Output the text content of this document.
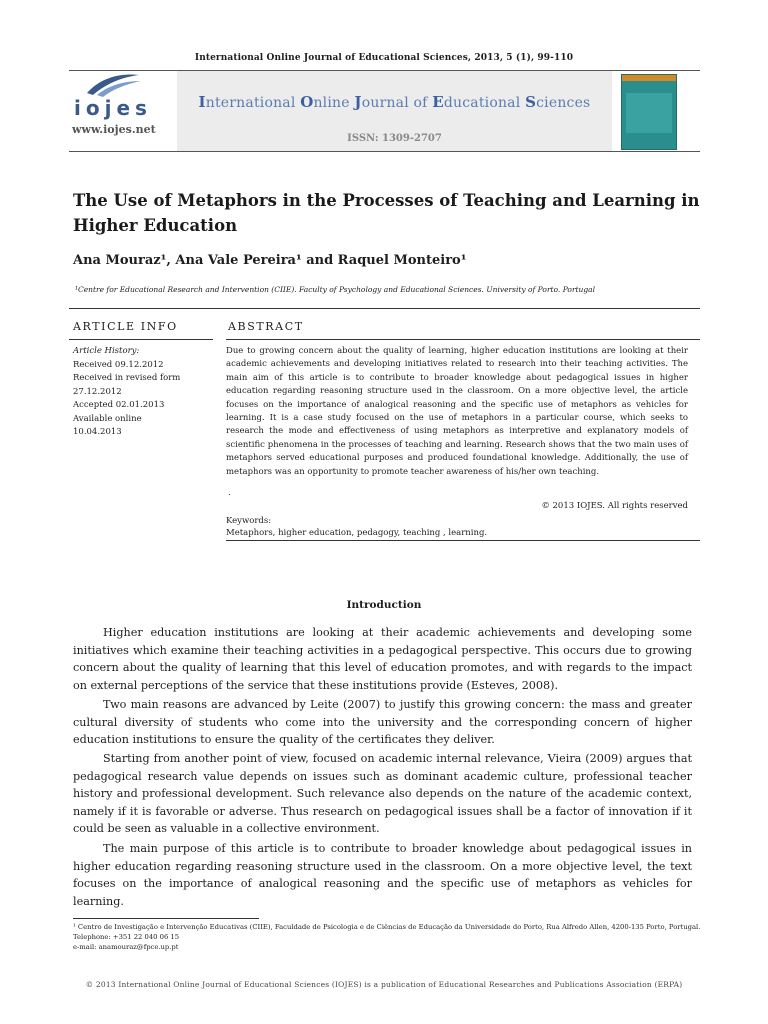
International Online Journal of Educational Sciences, 2013, 5 (1), 99-110
iojes
www.iojes.net
International Online Journal of Educational Sciences
ISSN: 1309-2707
The Use of Metaphors in the Processes of Teaching and Learning in Higher Education
Ana Mouraz¹, Ana Vale Pereira¹ and Raquel Monteiro¹
¹Centre for Educational Research and Intervention (CIIE). Faculty of Psychology and Educational Sciences. University of Porto. Portugal
ARTICLE INFO	ABSTRACT
Article History:
Received 09.12.2012
Received in revised form
27.12.2012
Accepted 02.01.2013
Available online
10.04.2013
Due to growing concern about the quality of learning, higher education institutions are looking at their academic achievements and developing initiatives related to research into their teaching activities. The main aim of this article is to contribute to broader knowledge about pedagogical issues in higher education regarding reasoning structure used in the classroom. On a more objective level, the article focuses on the importance of analogical reasoning and the specific use of metaphors as vehicles for learning. It is a case study focused on the use of metaphors in a particular course, which seeks to research the mode and effectiveness of using metaphors as interpretive and explanatory models of scientific phenomena in the processes of teaching and learning. Research shows that the two main uses of metaphors served educational purposes and produced foundational knowledge. Additionally, the use of metaphors was an opportunity to promote teacher awareness of his/her own teaching.
.
© 2013 IOJES. All rights reserved
Keywords:
Metaphors, higher education, pedagogy, teaching , learning.
Introduction
Higher education institutions are looking at their academic achievements and developing some initiatives which examine their teaching activities in a pedagogical perspective. This occurs due to growing concern about the quality of learning that this level of education promotes, and with regards to the impact on external perceptions of the service that these institutions provide (Esteves, 2008).
Two main reasons are advanced by Leite (2007) to justify this growing concern: the mass and greater cultural diversity of students who come into the university and the corresponding concern of higher education institutions to ensure the quality of the certificates they deliver.
Starting from another point of view, focused on academic internal relevance, Vieira (2009) argues that pedagogical research value depends on issues such as dominant academic culture, professional teacher history and professional development. Such relevance also depends on the nature of the academic context, namely if it is favorable or adverse. Thus research on pedagogical issues shall be a factor of innovation if it could be seen as valuable in a collective environment.
The main purpose of this article is to contribute to broader knowledge about pedagogical issues in higher education regarding reasoning structure used in the classroom. On a more objective level, the text focuses on the importance of analogical reasoning and the specific use of metaphors as vehicles for learning.
¹ Centro de Investigação e Intervenção Educativas (CIIE), Faculdade de Psicologia e de Ciências de Educação da Universidade do Porto, Rua Alfredo Allen, 4200-135 Porto, Portugal.
Telephone: +351 22 040 06 15
e-mail: anamouraz@fpce.up.pt
© 2013 International Online Journal of Educational Sciences (IOJES) is a publication of Educational Researches and Publications Association (ERPA)
